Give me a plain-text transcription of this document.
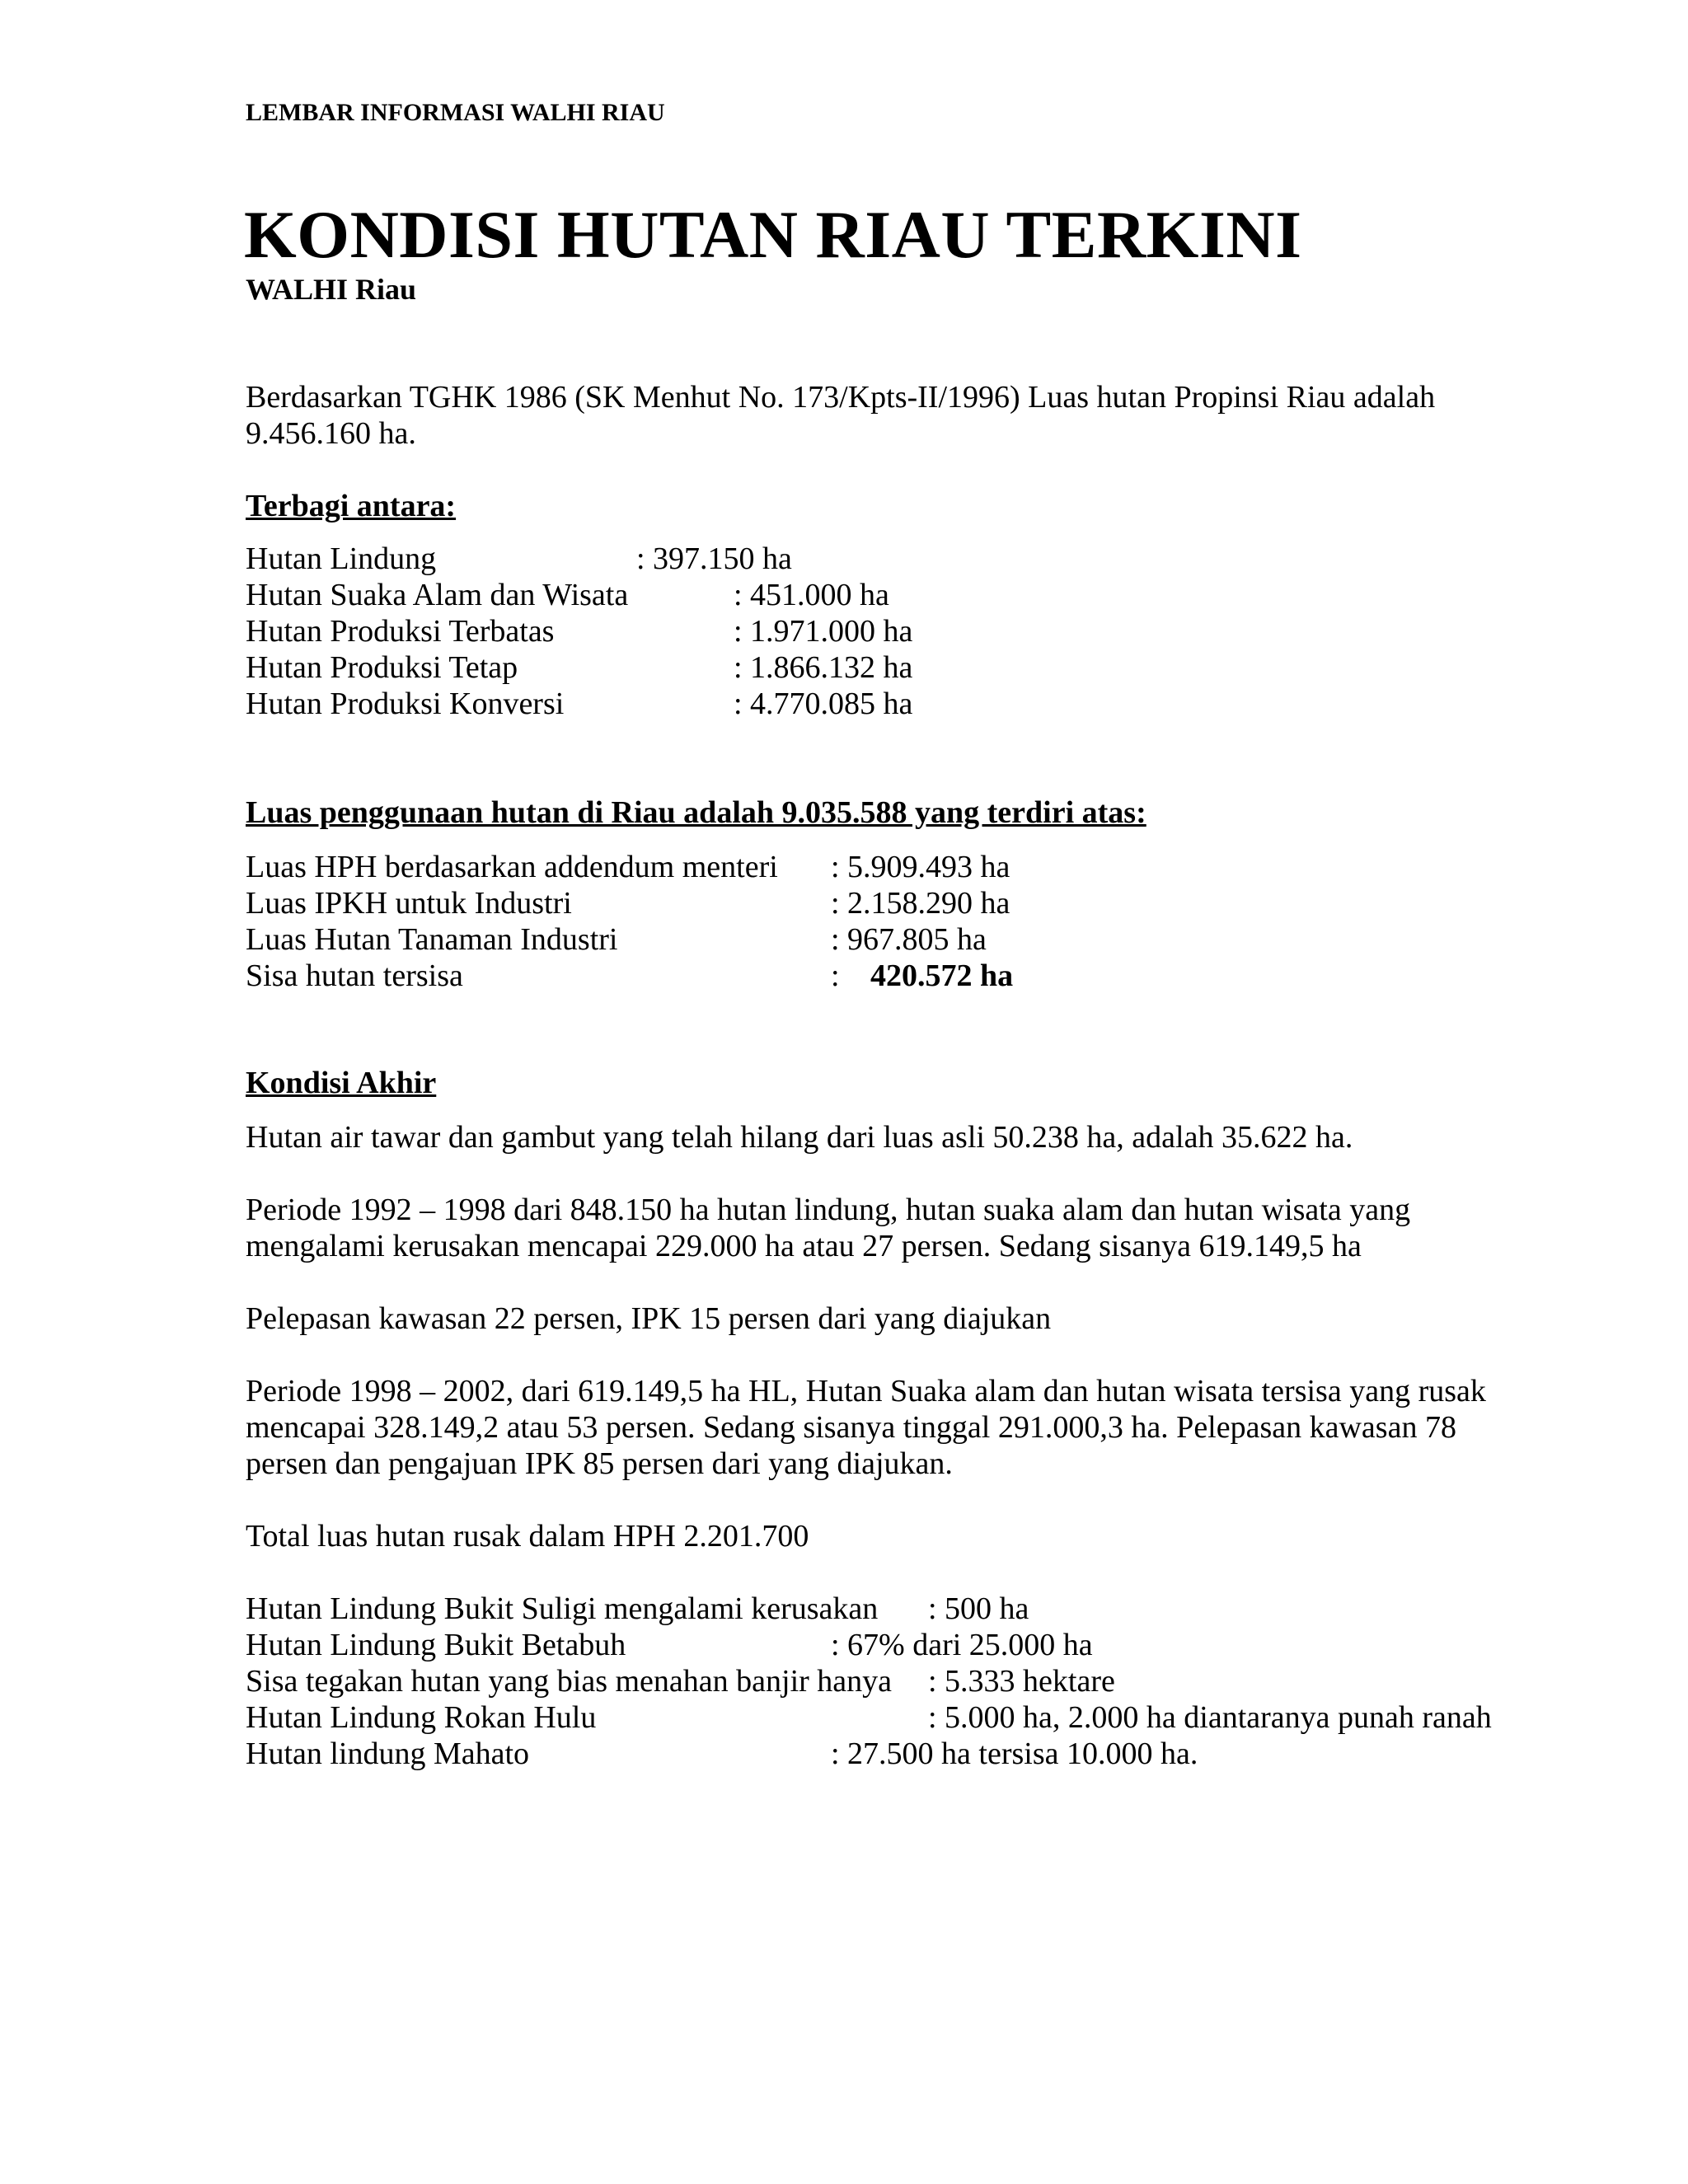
LEMBAR INFORMASI WALHI RIAU
KONDISI HUTAN RIAU TERKINI
WALHI Riau
Berdasarkan TGHK 1986 (SK Menhut No. 173/Kpts-II/1996) Luas hutan Propinsi Riau adalah
9.456.160 ha.
Terbagi antara:
Hutan Lindung	: 397.150 ha
Hutan Suaka Alam dan Wisata	: 451.000 ha
Hutan Produksi Terbatas	: 1.971.000 ha
Hutan Produksi Tetap	: 1.866.132 ha
Hutan Produksi Konversi	: 4.770.085 ha
Luas penggunaan hutan di Riau adalah 9.035.588 yang terdiri atas:
Luas HPH berdasarkan addendum menteri : 5.909.493 ha
Luas IPKH untuk Industri	: 2.158.290 ha
Luas Hutan Tanaman Industri	: 967.805 ha
Sisa hutan tersisa	: 420.572 ha
Kondisi Akhir
Hutan air tawar dan gambut yang telah hilang dari luas asli 50.238 ha, adalah 35.622 ha.
Periode 1992 – 1998 dari 848.150 ha hutan lindung, hutan suaka alam dan hutan wisata yang
mengalami kerusakan mencapai 229.000 ha atau 27 persen. Sedang sisanya 619.149,5 ha
Pelepasan kawasan 22 persen, IPK 15 persen dari yang diajukan
Periode 1998 – 2002, dari 619.149,5 ha HL, Hutan Suaka alam dan hutan wisata tersisa yang rusak
mencapai 328.149,2 atau 53 persen. Sedang sisanya tinggal 291.000,3 ha. Pelepasan kawasan 78
persen dan pengajuan IPK 85 persen dari yang diajukan.
Total luas hutan rusak dalam HPH 2.201.700
Hutan Lindung Bukit Suligi mengalami kerusakan : 500 ha
Hutan Lindung Bukit Betabuh	: 67% dari 25.000 ha
Sisa tegakan hutan yang bias menahan banjir hanya : 5.333 hektare
Hutan Lindung Rokan Hulu	: 5.000 ha, 2.000 ha diantaranya punah ranah
Hutan lindung Mahato	: 27.500 ha tersisa 10.000 ha.
